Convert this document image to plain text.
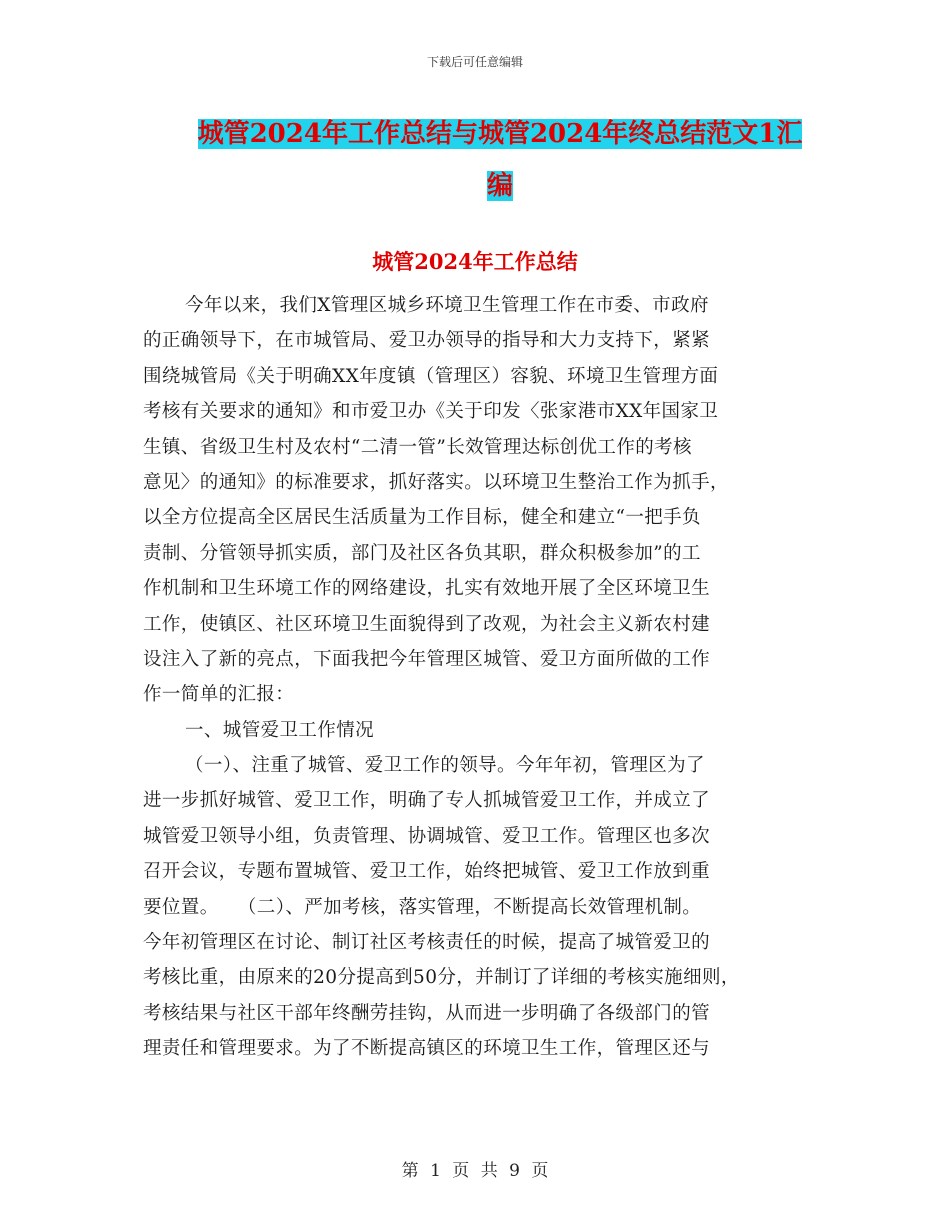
下载后可任意编辑
城管2024年工作总结与城管2024年终总结范文1汇
编
城管2024年工作总结
今年以来，我们X管理区城乡环境卫生管理工作在市委、市政府
的正确领导下，在市城管局、爱卫办领导的指导和大力支持下，紧紧
围绕城管局《关于明确XX年度镇（管理区）容貌、环境卫生管理方面
考核有关要求的通知》和市爱卫办《关于印发〈张家港市XX年国家卫
生镇、省级卫生村及农村“二清一管”长效管理达标创优工作的考核
意见〉的通知》的标准要求，抓好落实。以环境卫生整治工作为抓手，
以全方位提高全区居民生活质量为工作目标，健全和建立“一把手负
责制、分管领导抓实质，部门及社区各负其职，群众积极参加”的工
作机制和卫生环境工作的网络建设，扎实有效地开展了全区环境卫生
工作，使镇区、社区环境卫生面貌得到了改观，为社会主义新农村建
设注入了新的亮点，下面我把今年管理区城管、爱卫方面所做的工作
作一简单的汇报：
一、城管爱卫工作情况
（一）、注重了城管、爱卫工作的领导。今年年初，管理区为了
进一步抓好城管、爱卫工作，明确了专人抓城管爱卫工作，并成立了
城管爱卫领导小组，负责管理、协调城管、爱卫工作。管理区也多次
召开会议，专题布置城管、爱卫工作，始终把城管、爱卫工作放到重
要位置。　　（二）、严加考核，落实管理，不断提高长效管理机制。
今年初管理区在讨论、制订社区考核责任的时候，提高了城管爱卫的
考核比重，由原来的20分提高到50分，并制订了详细的考核实施细则，
考核结果与社区干部年终酬劳挂钩，从而进一步明确了各级部门的管
理责任和管理要求。为了不断提高镇区的环境卫生工作，管理区还与
第 1 页 共 9 页
